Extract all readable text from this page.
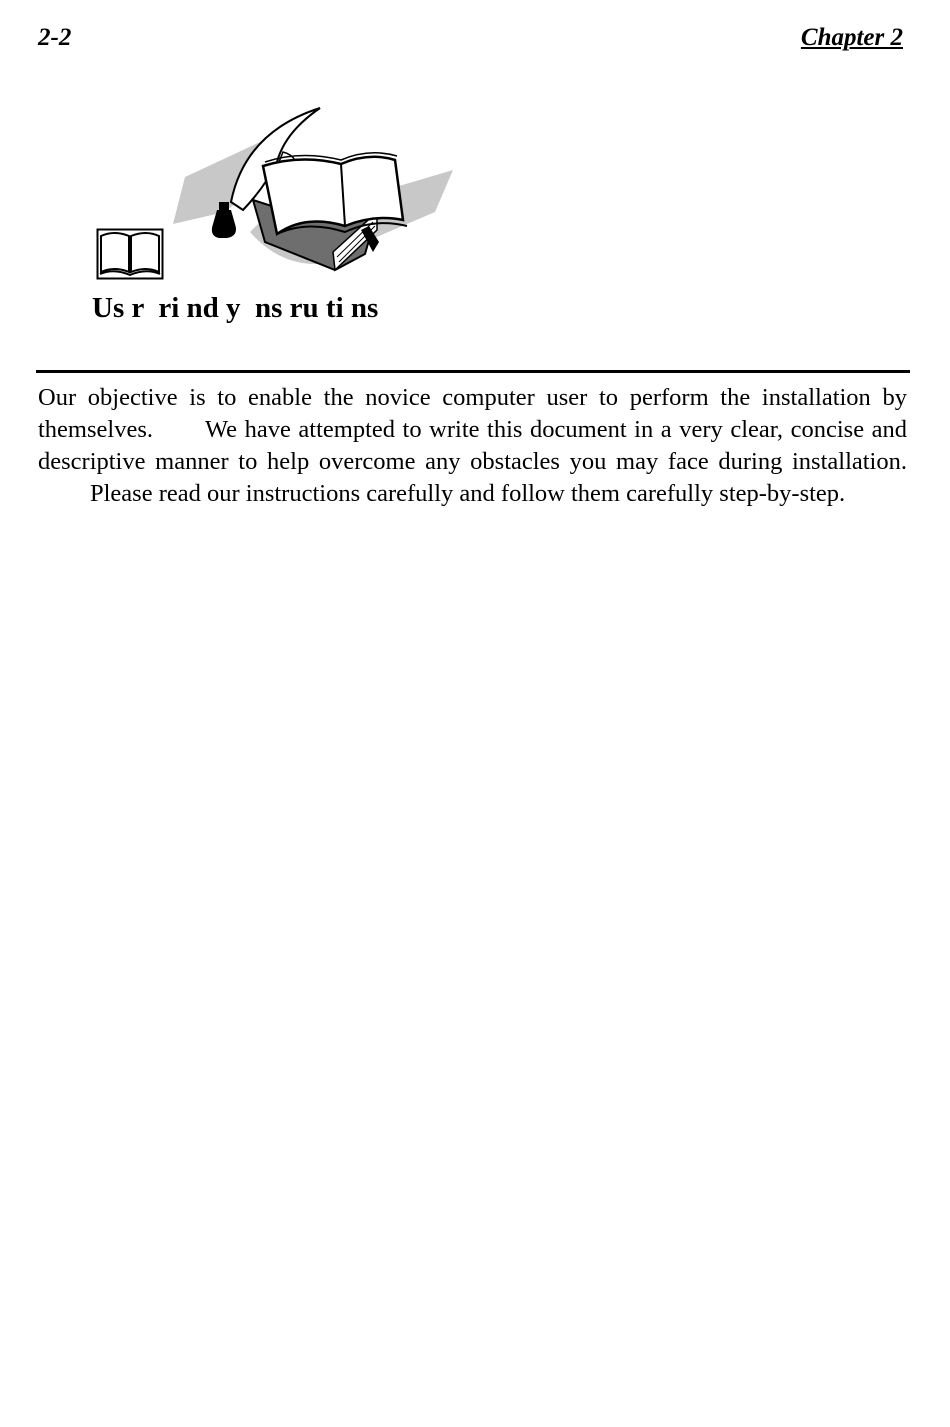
2-2	Chapter 2
Us r  ri nd y  ns ru ti ns

Our objective is to enable the novice computer user to perform the installation by themselves. We have attempted to write this document in a very clear, concise and descriptive manner to help overcome any obstacles you may face during installation.Please read our instructions carefully and follow them carefully step-by-step.
